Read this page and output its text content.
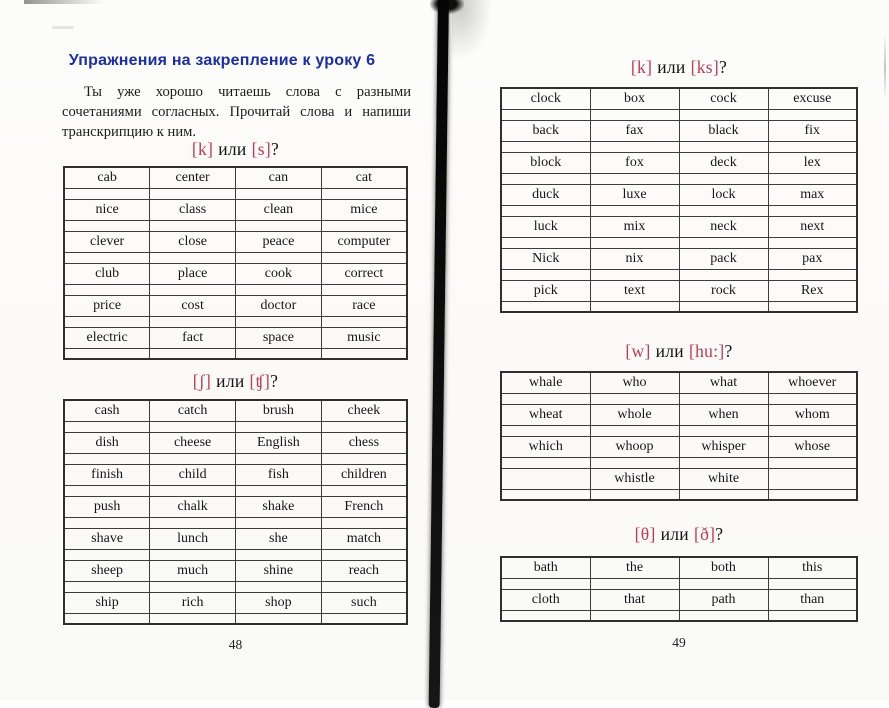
Упражнения на закрепление к уроку 6
Ты уже хорошо читаешь слова с разными сочетаниями согласных. Прочитай слова и напиши транскрипцию к ним.
[k] или [s]?
cab	center	can	cat

nice	class	clean	mice

clever	close	peace	computer

club	place	cook	correct

price	cost	doctor	race

electric	fact	space	music

[ʃ] или [ʧ]?
cash	catch	brush	cheek

dish	cheese	English	chess

finish	child	fish	children

push	chalk	shake	French

shave	lunch	she	match

sheep	much	shine	reach

ship	rich	shop	such

48
[k] или [ks]?
clock	box	cock	excuse

back	fax	black	fix

block	fox	deck	lex

duck	luxe	lock	max

luck	mix	neck	next

Nick	nix	pack	pax

pick	text	rock	Rex

[w] или [hu:]?
whale	who	what	whoever

wheat	whole	when	whom

which	whoop	whisper	whose

	whistle	white	

[θ] или [ð]?
bath	the	both	this

cloth	that	path	than

49
